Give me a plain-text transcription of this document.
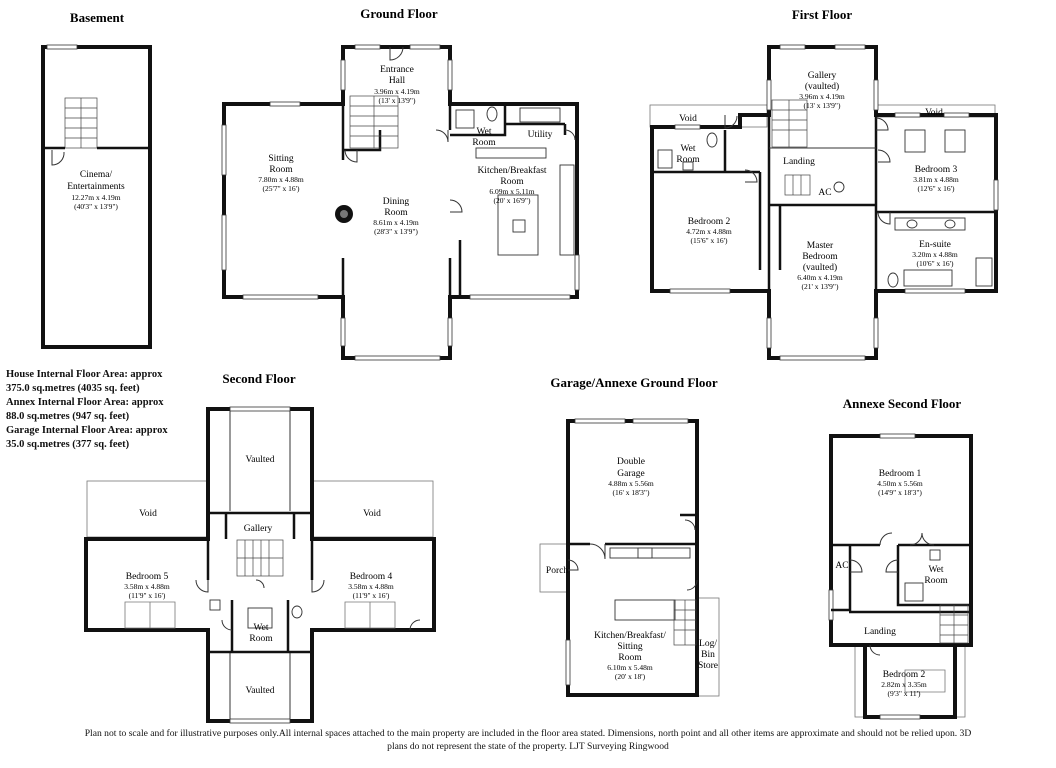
Basement
Cinema/
Entertainments
12.27m x 4.19m
(40'3" x 13'9")
Ground Floor
Entrance
Hall
3.96m x 4.19m
(13' x 13'9")
Wet
Room
Utility
Sitting
Room
7.80m x 4.88m
(25'7" x 16')
Dining
Room
8.61m x 4.19m
(28'3" x 13'9")
Kitchen/Breakfast
Room
6.09m x 5.11m
(20' x 16'9")
First Floor
Gallery
(vaulted)
3.96m x 4.19m
(13' x 13'9")
Void
Void
Wet
Room	Landing
AC
Bedroom 3
3.81m x 4.88m
(12'6" x 16')
Bedroom 2
4.72m x 4.88m
(15'6" x 16')	En-suite
3.20m x 4.88m
(10'6" x 16')
Master
Bedroom
(vaulted)
6.40m x 4.19m
(21' x 13'9")
Second Floor
Vaulted
Void	Void
Gallery
Bedroom 5
3.58m x 4.88m
(11'9" x 16')
Bedroom 4
3.58m x 4.88m
(11'9" x 16')
Wet
Room
Vaulted
Garage/Annexe Ground Floor
Double
Garage
4.88m x 5.56m
(16' x 18'3")
Porch
Kitchen/Breakfast/
Sitting
Room
6.10m x 5.48m
(20' x 18')
Log/
Bin
Store
Annexe Second Floor
Bedroom 1
4.50m x 5.56m
(14'9" x 18'3")
AC	Wet
Room
Landing
Bedroom 2
2.82m x 3.35m
(9'3" x 11')
House Internal Floor Area: approx
375.0 sq.metres (4035 sq. feet)
Annex Internal Floor Area: approx
88.0 sq.metres (947 sq. feet)
Garage Internal Floor Area: approx
35.0 sq.metres (377 sq. feet)
Plan not to scale and for illustrative purposes only.All internal spaces attached to the main property are included in the floor area stated. Dimensions, north point and all other items are approximate and should not be relied upon. 3D
plans do not represent the state of the property. LJT Surveying Ringwood
